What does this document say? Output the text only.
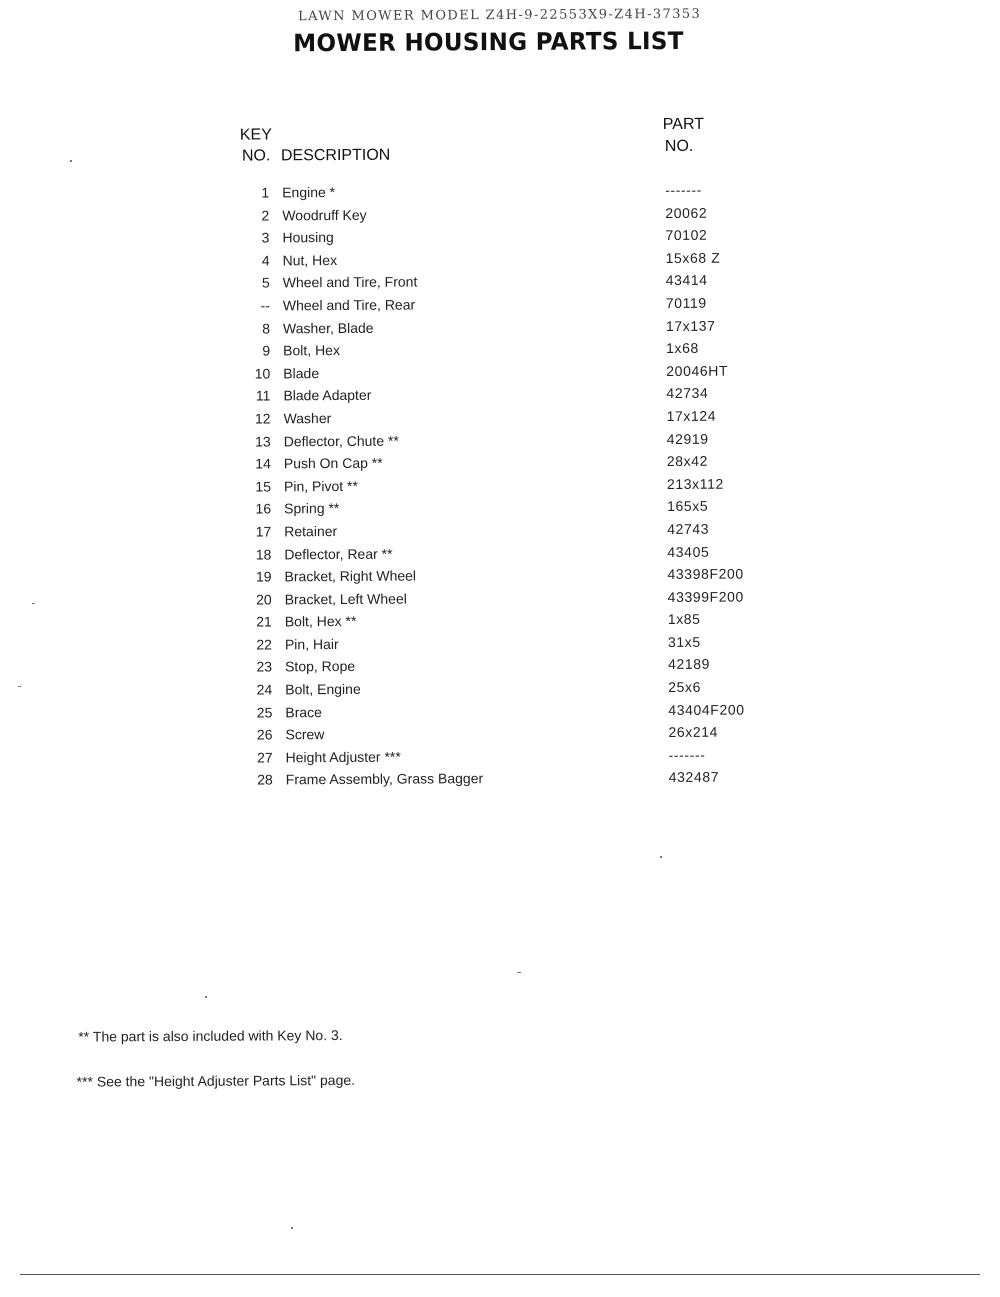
LAWN MOWER MODEL Z4H-9-22553X9-Z4H-37353
MOWER HOUSING PARTS LIST
KEY
NO. DESCRIPTION
PART
NO.
1 Engine *	-------
2 Woodruff Key	20062
3 Housing	70102
4 Nut, Hex	15x68 Z
5 Wheel and Tire, Front	43414
-- Wheel and Tire, Rear	70119
8 Washer, Blade	17x137
9 Bolt, Hex	1x68
10 Blade	20046HT
11 Blade Adapter	42734
12 Washer	17x124
13 Deflector, Chute **	42919
14 Push On Cap **	28x42
15 Pin, Pivot **	213x112
16 Spring **	165x5
17 Retainer	42743
18 Deflector, Rear **	43405
19 Bracket, Right Wheel	43398F200
20 Bracket, Left Wheel	43399F200
21 Bolt, Hex **	1x85
22 Pin, Hair	31x5
23 Stop, Rope	42189
24 Bolt, Engine	25x6
25 Brace	43404F200
26 Screw	26x214
27 Height Adjuster ***	-------
28 Frame Assembly, Grass Bagger	432487
** The part is also included with Key No. 3.
*** See the "Height Adjuster Parts List" page.
